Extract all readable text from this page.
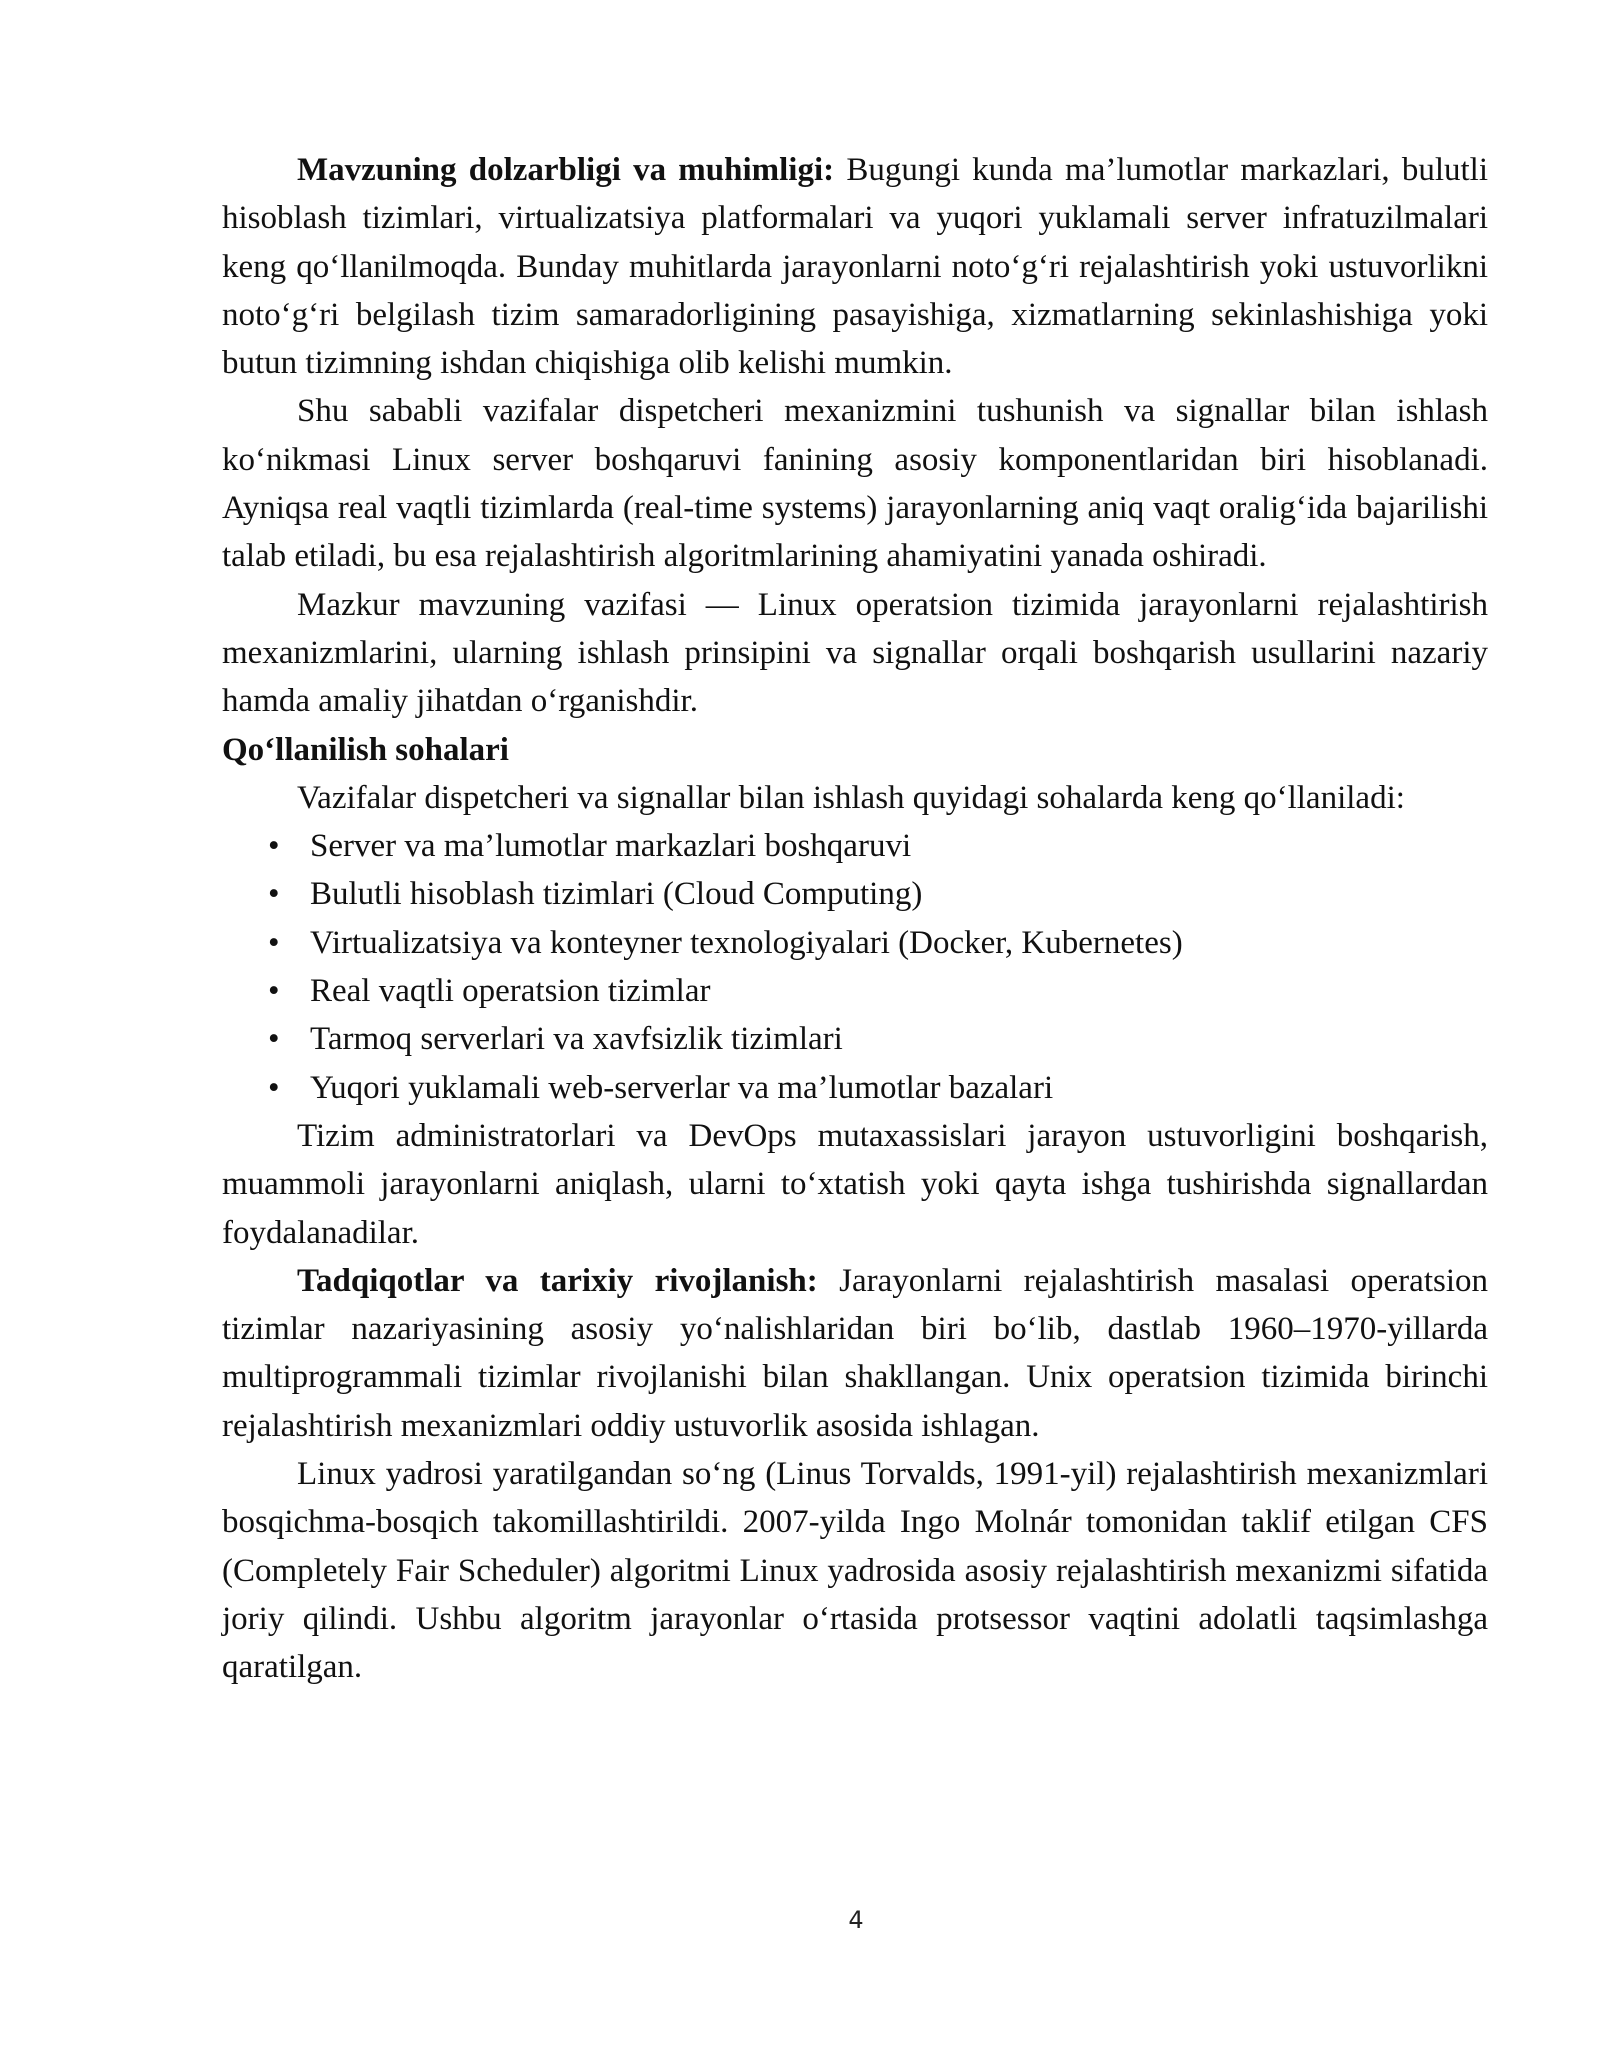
Mavzuning dolzarbligi va muhimligi: Bugungi kunda ma’lumotlar markazlari, bulutli hisoblash tizimlari, virtualizatsiya platformalari va yuqori yuklamali server infratuzilmalari keng qo‘llanilmoqda. Bunday muhitlarda jarayonlarni noto‘g‘ri rejalashtirish yoki ustuvorlikni noto‘g‘ri belgilash tizim samaradorligining pasayishiga, xizmatlarning sekinlashishiga yoki butun tizimning ishdan chiqishiga olib kelishi mumkin.

Shu sababli vazifalar dispetcheri mexanizmini tushunish va signallar bilan ishlash ko‘nikmasi Linux server boshqaruvi fanining asosiy komponentlaridan biri hisoblanadi. Ayniqsa real vaqtli tizimlarda (real-time systems) jarayonlarning aniq vaqt oralig‘ida bajarilishi talab etiladi, bu esa rejalashtirish algoritmlarining ahamiyatini yanada oshiradi.

Mazkur mavzuning vazifasi — Linux operatsion tizimida jarayonlarni rejalashtirish mexanizmlarini, ularning ishlash prinsipini va signallar orqali boshqarish usullarini nazariy hamda amaliy jihatdan o‘rganishdir.

Qo‘llanilish sohalari

Vazifalar dispetcheri va signallar bilan ishlash quyidagi sohalarda keng qo‘llaniladi:

• Server va ma’lumotlar markazlari boshqaruvi
• Bulutli hisoblash tizimlari (Cloud Computing)
• Virtualizatsiya va konteyner texnologiyalari (Docker, Kubernetes)
• Real vaqtli operatsion tizimlar
• Tarmoq serverlari va xavfsizlik tizimlari
• Yuqori yuklamali web-serverlar va ma’lumotlar bazalari

Tizim administratorlari va DevOps mutaxassislari jarayon ustuvorligini boshqarish, muammoli jarayonlarni aniqlash, ularni to‘xtatish yoki qayta ishga tushirishda signallardan foydalanadilar.

Tadqiqotlar va tarixiy rivojlanish: Jarayonlarni rejalashtirish masalasi operatsion tizimlar nazariyasining asosiy yo‘nalishlaridan biri bo‘lib, dastlab 1960–1970-yillarda multiprogrammali tizimlar rivojlanishi bilan shakllangan. Unix operatsion tizimida birinchi rejalashtirish mexanizmlari oddiy ustuvorlik asosida ishlagan.

Linux yadrosi yaratilgandan so‘ng (Linus Torvalds, 1991-yil) rejalashtirish mexanizmlari bosqichma-bosqich takomillashtirildi. 2007-yilda Ingo Molnár tomonidan taklif etilgan CFS (Completely Fair Scheduler) algoritmi Linux yadrosida asosiy rejalashtirish mexanizmi sifatida joriy qilindi. Ushbu algoritm jarayonlar o‘rtasida protsessor vaqtini adolatli taqsimlashga qaratilgan.

4
